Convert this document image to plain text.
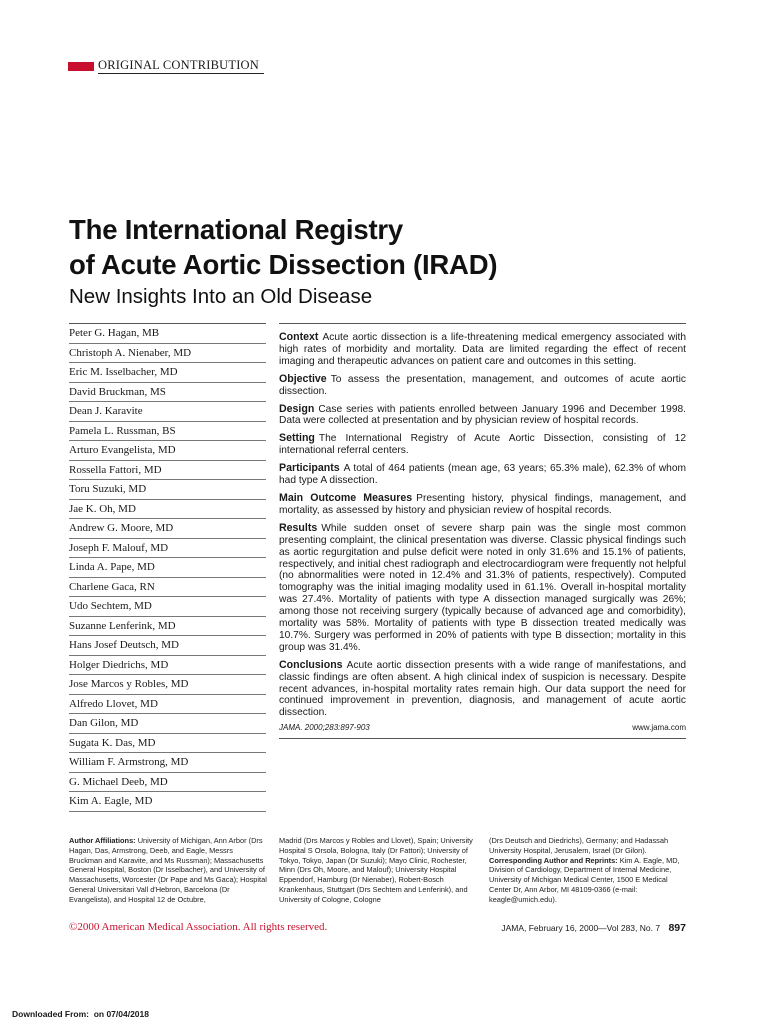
ORIGINAL CONTRIBUTION
The International Registry
of Acute Aortic Dissection (IRAD)
New Insights Into an Old Disease
Peter G. Hagan, MB
Christoph A. Nienaber, MD
Eric M. Isselbacher, MD
David Bruckman, MS
Dean J. Karavite
Pamela L. Russman, BS
Arturo Evangelista, MD
Rossella Fattori, MD
Toru Suzuki, MD
Jae K. Oh, MD
Andrew G. Moore, MD
Joseph F. Malouf, MD
Linda A. Pape, MD
Charlene Gaca, RN
Udo Sechtem, MD
Suzanne Lenferink, MD
Hans Josef Deutsch, MD
Holger Diedrichs, MD
Jose Marcos y Robles, MD
Alfredo Llovet, MD
Dan Gilon, MD
Sugata K. Das, MD
William F. Armstrong, MD
G. Michael Deeb, MD
Kim A. Eagle, MD

Context Acute aortic dissection is a life-threatening medical emergency associated with high rates of morbidity and mortality. Data are limited regarding the effect of recent imaging and therapeutic advances on patient care and outcomes in this setting.

Objective To assess the presentation, management, and outcomes of acute aortic dissection.

Design Case series with patients enrolled between January 1996 and December 1998. Data were collected at presentation and by physician review of hospital records.

Setting The International Registry of Acute Aortic Dissection, consisting of 12 international referral centers.

Participants A total of 464 patients (mean age, 63 years; 65.3% male), 62.3% of whom had type A dissection.

Main Outcome Measures Presenting history, physical findings, management, and mortality, as assessed by history and physician review of hospital records.

Results While sudden onset of severe sharp pain was the single most common presenting complaint, the clinical presentation was diverse. Classic physical findings such as aortic regurgitation and pulse deficit were noted in only 31.6% and 15.1% of patients, respectively, and initial chest radiograph and electrocardiogram were frequently not helpful (no abnormalities were noted in 12.4% and 31.3% of patients, respectively). Computed tomography was the initial imaging modality used in 61.1%. Overall in-hospital mortality was 27.4%. Mortality of patients with type A dissection managed surgically was 26%; among those not receiving surgery (typically because of advanced age and comorbidity), mortality was 58%. Mortality of patients with type B dissection treated medically was 10.7%. Surgery was performed in 20% of patients with type B dissection; mortality in this group was 31.4%.

Conclusions Acute aortic dissection presents with a wide range of manifestations, and classic findings are often absent. A high clinical index of suspicion is necessary. Despite recent advances, in-hospital mortality rates remain high. Our data support the need for continued improvement in prevention, diagnosis, and management of acute aortic dissection.

JAMA. 2000;283:897-903	www.jama.com

Author Affiliations: University of Michigan, Ann Arbor (Drs Hagan, Das, Armstrong, Deeb, and Eagle, Messrs Bruckman and Karavite, and Ms Russman); Massachusetts General Hospital, Boston (Dr Isselbacher), and University of Massachusetts, Worcester (Dr Pape and Ms Gaca); Hospital General Universitari Vall d'Hebron, Barcelona (Dr Evangelista), and Hospital 12 de Octubre,

Madrid (Drs Marcos y Robles and Llovet), Spain; University Hospital S Orsola, Bologna, Italy (Dr Fattori); University of Tokyo, Tokyo, Japan (Dr Suzuki); Mayo Clinic, Rochester, Minn (Drs Oh, Moore, and Malouf); University Hospital Eppendorf, Hamburg (Dr Nienaber), Robert-Bosch Krankenhaus, Stuttgart (Drs Sechtem and Lenferink), and University of Cologne, Cologne

(Drs Deutsch and Diedrichs), Germany; and Hadassah University Hospital, Jerusalem, Israel (Dr Gilon).

Corresponding Author and Reprints: Kim A. Eagle, MD, Division of Cardiology, Department of Internal Medicine, University of Michigan Medical Center, 1500 E Medical Center Dr, Ann Arbor, MI 48109-0366 (e-mail: keagle@umich.edu).

©2000 American Medical Association. All rights reserved.	JAMA, February 16, 2000—Vol 283, No. 7 897
Downloaded From:  on 07/04/2018
